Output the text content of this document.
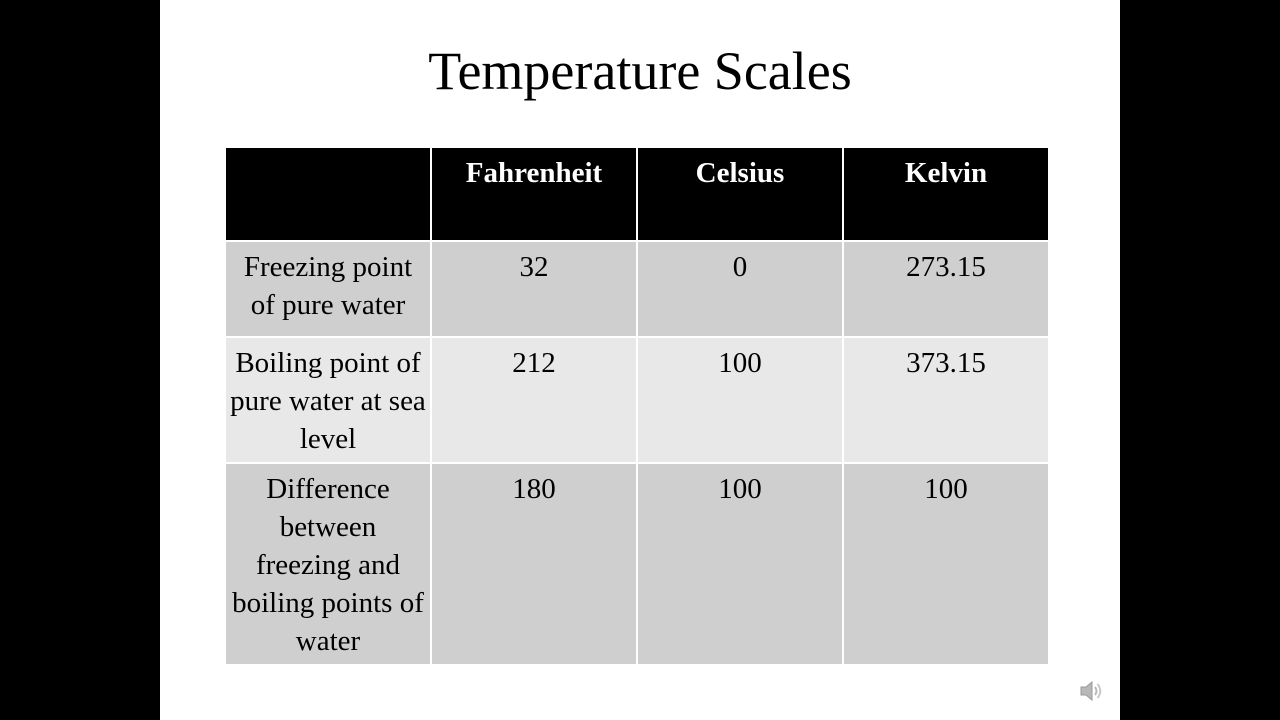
Temperature Scales
	Fahrenheit	Celsius	Kelvin
Freezing point of pure water	32	0	273.15
Boiling point of pure water at sea level	212	100	373.15
Difference between freezing and boiling points of water	180	100	100
